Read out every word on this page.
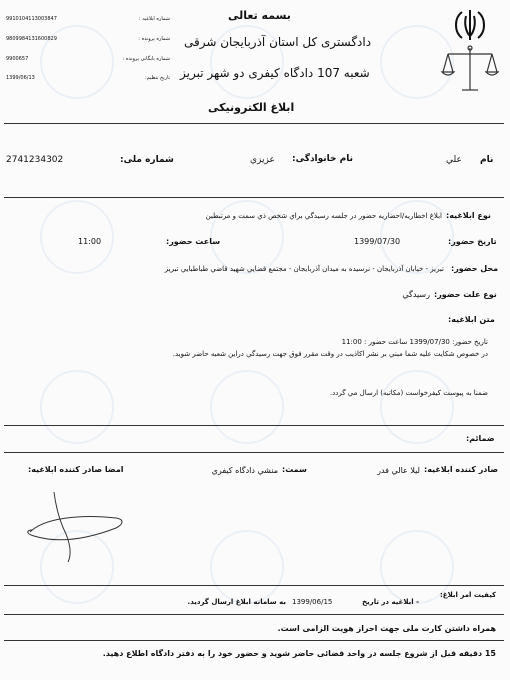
بسمه تعالی
دادگستری کل استان آذربایجان شرقی
شعبه 107 دادگاه کیفری دو شهر تبریز
ابلاغ الکترونیکی
شماره ابلاغیه :
9910104113003847
شماره پرونده :
9809984131600829
شماره بایگانی پرونده :
9900657
تاریخ تنظیم:
1399/06/13
نام
علي
نام خانوادگی:
عزيزي
شماره ملی:
2741234302
نوع ابلاغیه:
ابلاغ اخطاريه/احضاريه حضور در جلسه رسيدگي براي شخص ذي سمت و مرتبطين
تاریخ حضور:
1399/07/30
ساعت حضور:
11:00
محل حضور:
تبريز - خيابان آذربايجان - نرسيده به ميدان آذربايجان - مجتمع قضايي شهيد قاضي طباطبايي تبريز
نوع علت حضور:
رسيدگي
متن ابلاغیه:
تاريخ حضور: 1399/07/30 ساعت حضور : 11:00
در خصوص شکايت عليه شما مبني بر نشر اکاذيب در وقت مقرر فوق جهت رسيدگي دراين شعبه حاضر شويد.
ضمنا به پيوست کيفرخواست (مکاتبه) ارسال مي گردد.
ضمائم:
صادر کننده ابلاغیه:
ليلا عالي فدر
سمت:
منشي دادگاه کيفري
امضا صادر کننده ابلاغیه:
کیفیت امر ابلاغ:
- ابلاغیه در تاریخ
1399/06/15
به سامانه ابلاغ ارسال گرديد.
همراه داشتن کارت ملی جهت احراز هویت الزامی است.
15 دقیقه قبل از شروع جلسه در واحد قضائی حاضر شوید و حضور خود را به دفتر دادگاه اطلاع دهید.
